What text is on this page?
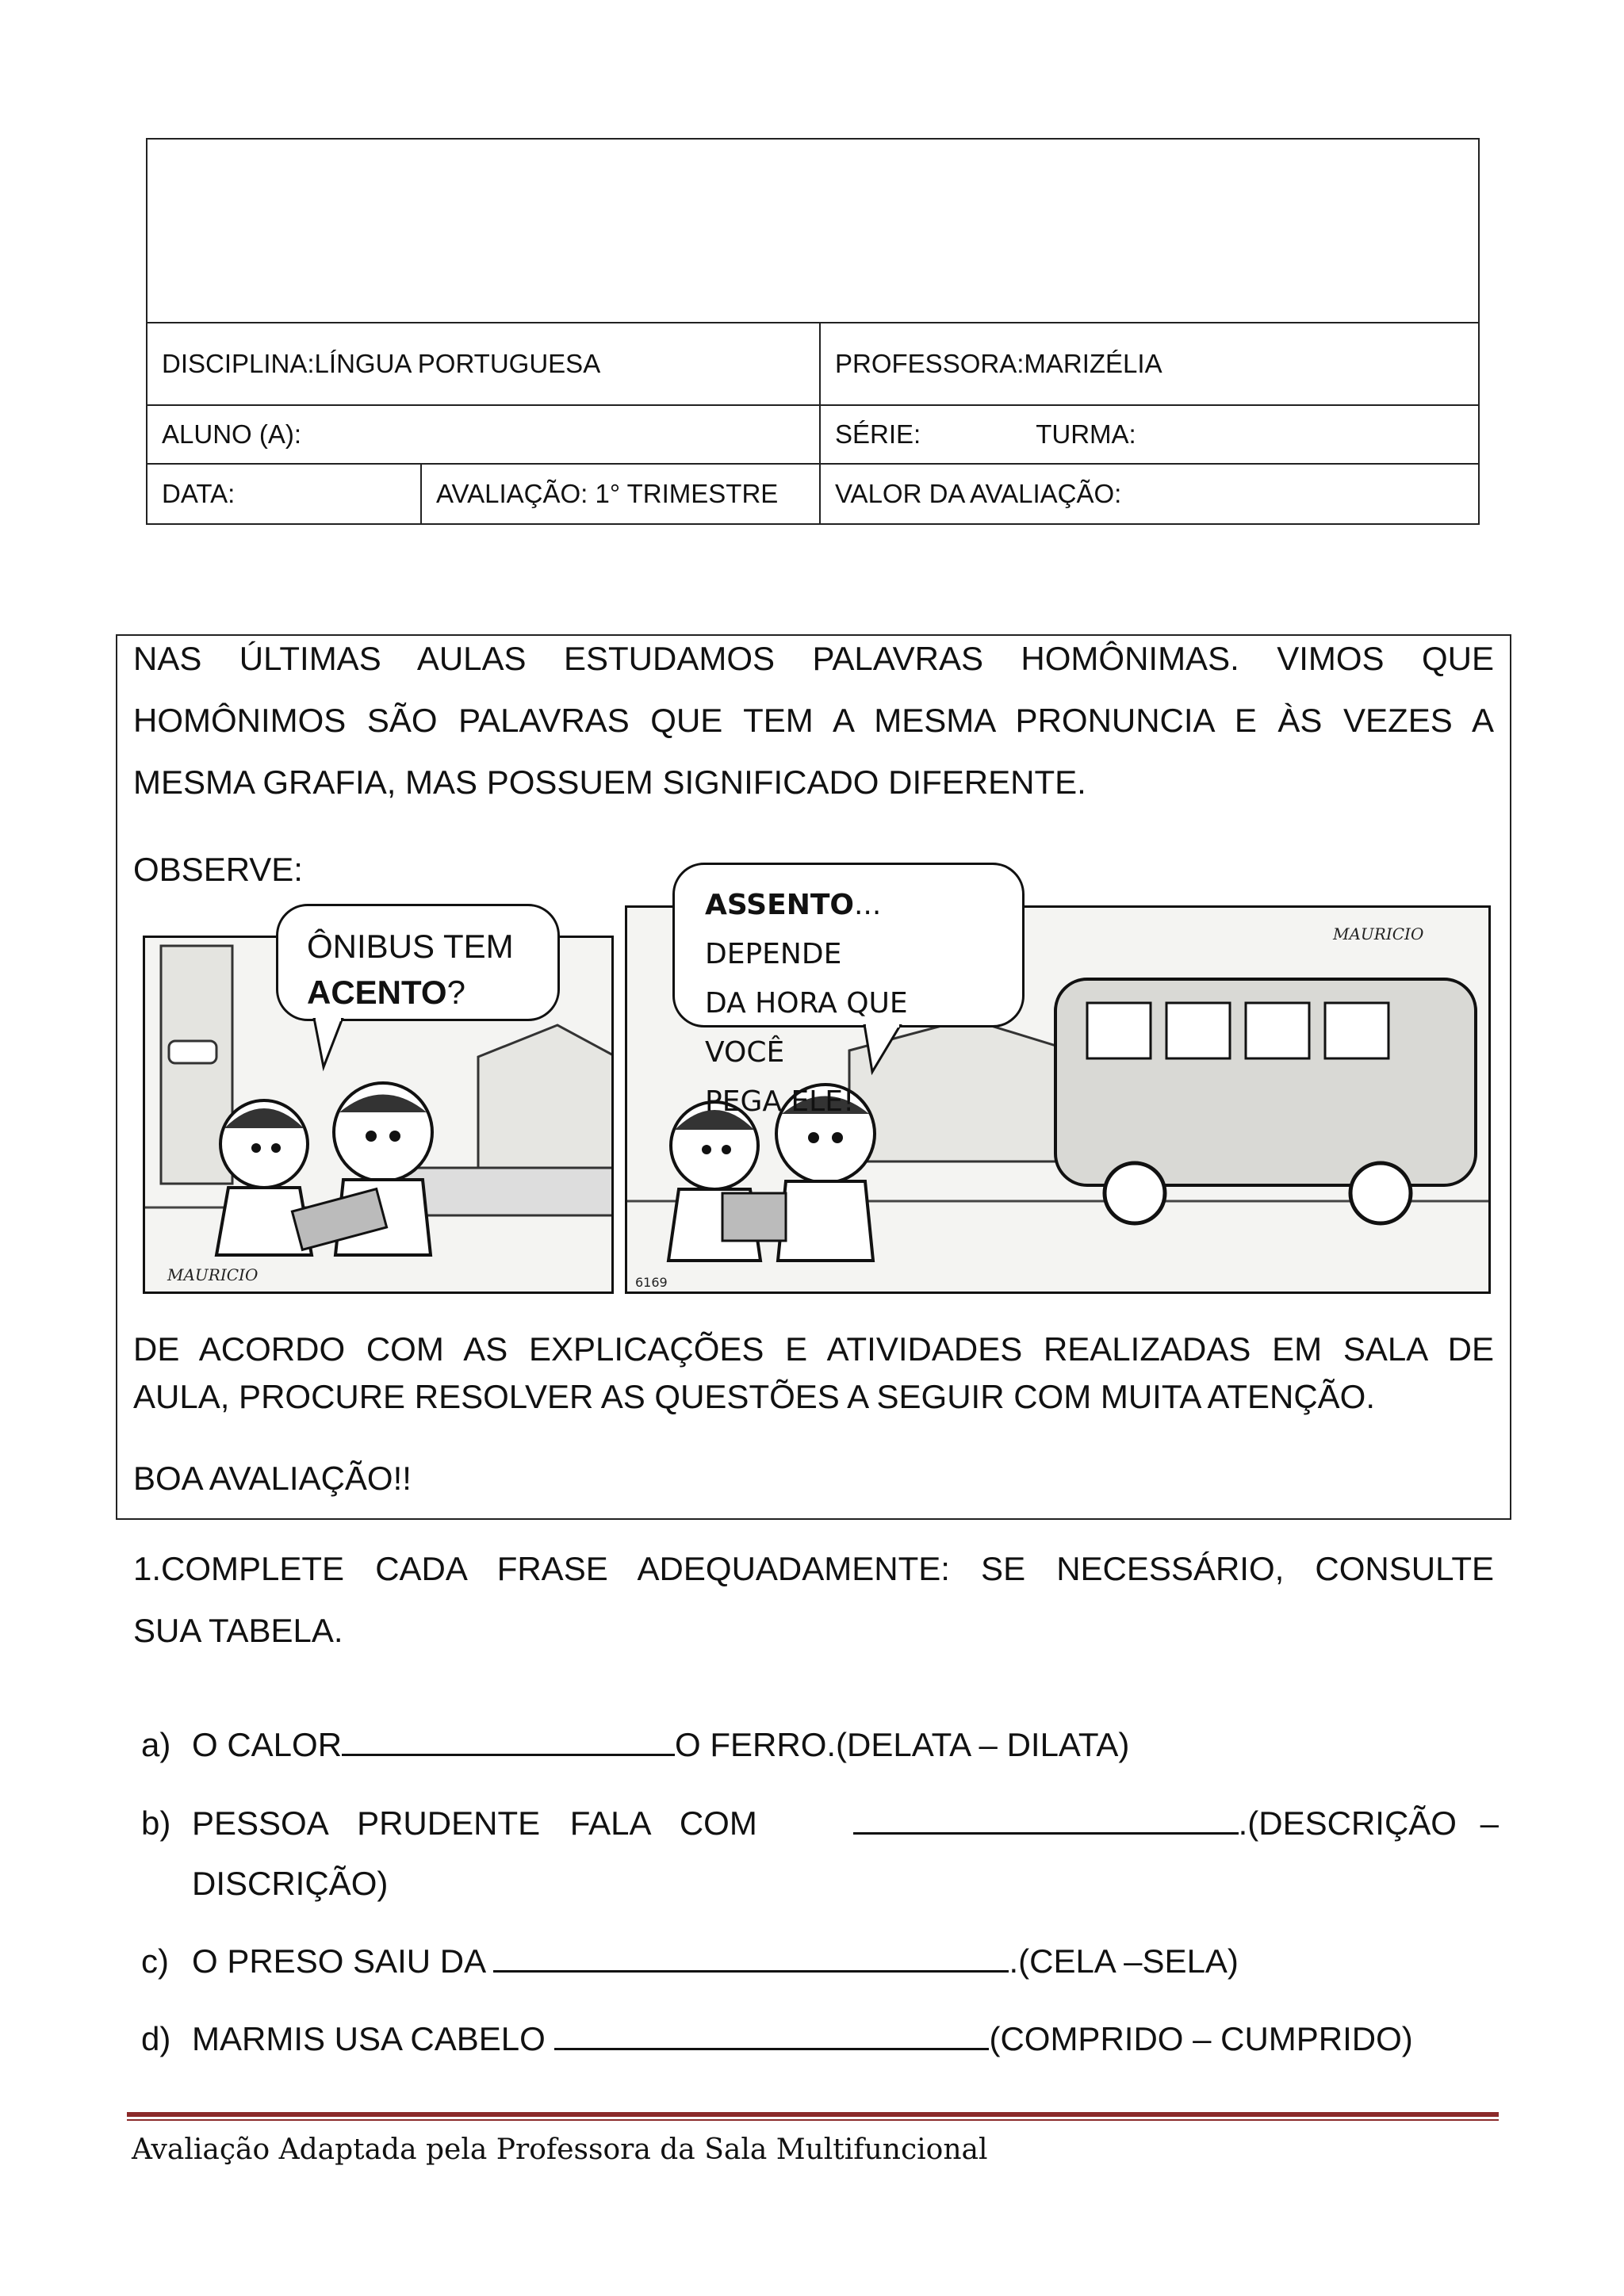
DISCIPLINA:LÍNGUA PORTUGUESA	PROFESSORA:MARIZÉLIA
ALUNO (A):	SÉRIE:	TURMA:
DATA:	AVALIAÇÃO: 1° TRIMESTRE	VALOR DA AVALIAÇÃO:

NAS ÚLTIMAS AULAS ESTUDAMOS PALAVRAS HOMÔNIMAS. VIMOS QUE

HOMÔNIMOS SÃO PALAVRAS QUE TEM A MESMA PRONUNCIA E ÀS VEZES A

MESMA GRAFIA, MAS POSSUEM SIGNIFICADO DIFERENTE.

OBSERVE:

MAURICIO
MAURICIO
6169
ÔNIBUS TEM
ACENTO?
ASSENTO... DEPENDE
DA HORA QUE VOCÊ
PEGA ELE!

DE ACORDO COM AS EXPLICAÇÕES E ATIVIDADES REALIZADAS EM SALA DE

AULA, PROCURE RESOLVER AS QUESTÕES A SEGUIR COM MUITA ATENÇÃO.

BOA AVALIAÇÃO!!

1.COMPLETE CADA FRASE ADEQUADAMENTE: SE NECESSÁRIO, CONSULTE

SUA TABELA.

a) O CALOR	O FERRO.(DELATA – DILATA)

b) PESSOA PRUDENTE FALA COM	.(DESCRIÇÃO –

DISCRIÇÃO)

c) O PRESO SAIU DA	.(CELA –SELA)

d) MARMIS USA CABELO	(COMPRIDO – CUMPRIDO)

Avaliação Adaptada pela Professora da Sala Multifuncional
